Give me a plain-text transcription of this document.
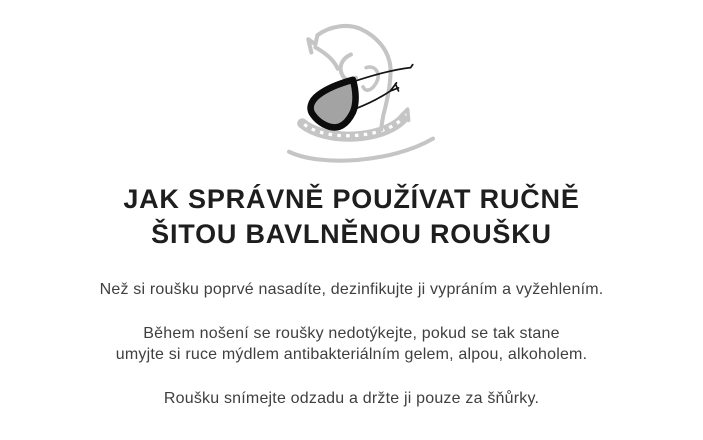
JAK SPRÁVNĚ POUŽÍVAT RUČNĚ
ŠITOU BAVLNĚNOU ROUŠKU

Než si roušku poprvé nasadíte, dezinfikujte ji vypráním a vyžehlením.

Během nošení se roušky nedotýkejte, pokud se tak stane
umyjte si ruce mýdlem antibakteriálním gelem, alpou, alkoholem.

Roušku snímejte odzadu a držte ji pouze za šňůrky.
